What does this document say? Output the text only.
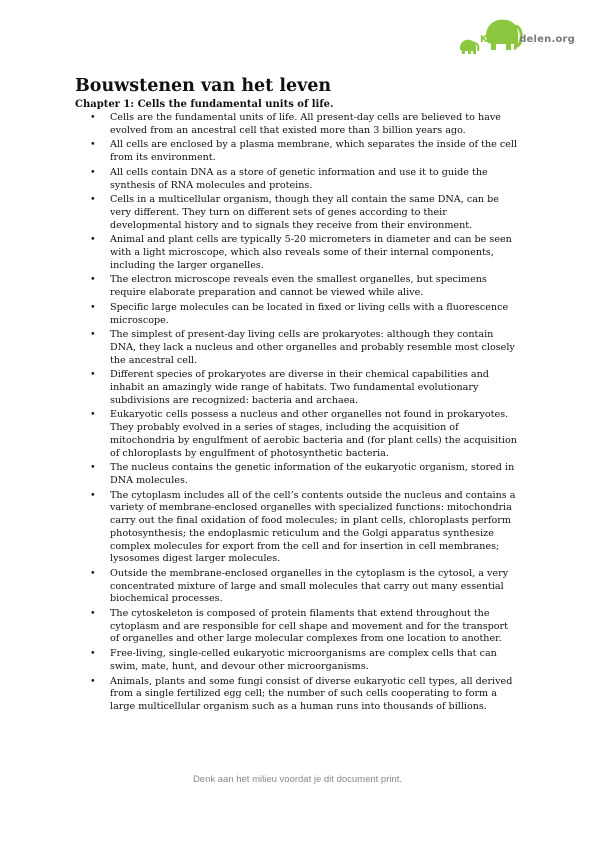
Kennisdelen.org
Bouwstenen van het leven
Chapter 1: Cells the fundamental units of life.
• Cells are the fundamental units of life. All present-day cells are believed to have evolved from an ancestral cell that existed more than 3 billion years ago.
• All cells are enclosed by a plasma membrane, which separates the inside of the cell from its environment.
• All cells contain DNA as a store of genetic information and use it to guide the synthesis of RNA molecules and proteins.
• Cells in a multicellular organism, though they all contain the same DNA, can be very different. They turn on different sets of genes according to their developmental history and to signals they receive from their environment.
• Animal and plant cells are typically 5-20 micrometers in diameter and can be seen with a light microscope, which also reveals some of their internal components, including the larger organelles.
• The electron microscope reveals even the smallest organelles, but specimens require elaborate preparation and cannot be viewed while alive.
• Specific large molecules can be located in fixed or living cells with a fluorescence microscope.
• The simplest of present-day living cells are prokaryotes: although they contain DNA, they lack a nucleus and other organelles and probably resemble most closely the ancestral cell.
• Different species of prokaryotes are diverse in their chemical capabilities and inhabit an amazingly wide range of habitats. Two fundamental evolutionary subdivisions are recognized: bacteria and archaea.
• Eukaryotic cells possess a nucleus and other organelles not found in prokaryotes. They probably evolved in a series of stages, including the acquisition of mitochondria by engulfment of aerobic bacteria and (for plant cells) the acquisition of chloroplasts by engulfment of photosynthetic bacteria.
• The nucleus contains the genetic information of the eukaryotic organism, stored in DNA molecules.
• The cytoplasm includes all of the cell’s contents outside the nucleus and contains a variety of membrane-enclosed organelles with specialized functions: mitochondria carry out the final oxidation of food molecules; in plant cells, chloroplasts perform photosynthesis; the endoplasmic reticulum and the Golgi apparatus synthesize complex molecules for export from the cell and for insertion in cell membranes; lysosomes digest larger molecules.
• Outside the membrane-enclosed organelles in the cytoplasm is the cytosol, a very concentrated mixture of large and small molecules that carry out many essential biochemical processes.
• The cytoskeleton is composed of protein filaments that extend throughout the cytoplasm and are responsible for cell shape and movement and for the transport of organelles and other large molecular complexes from one location to another.
• Free-living, single-celled eukaryotic microorganisms are complex cells that can swim, mate, hunt, and devour other microorganisms.
• Animals, plants and some fungi consist of diverse eukaryotic cell types, all derived from a single fertilized egg cell; the number of such cells cooperating to form a large multicellular organism such as a human runs into thousands of billions.
Denk aan het milieu voordat je dit document print.
